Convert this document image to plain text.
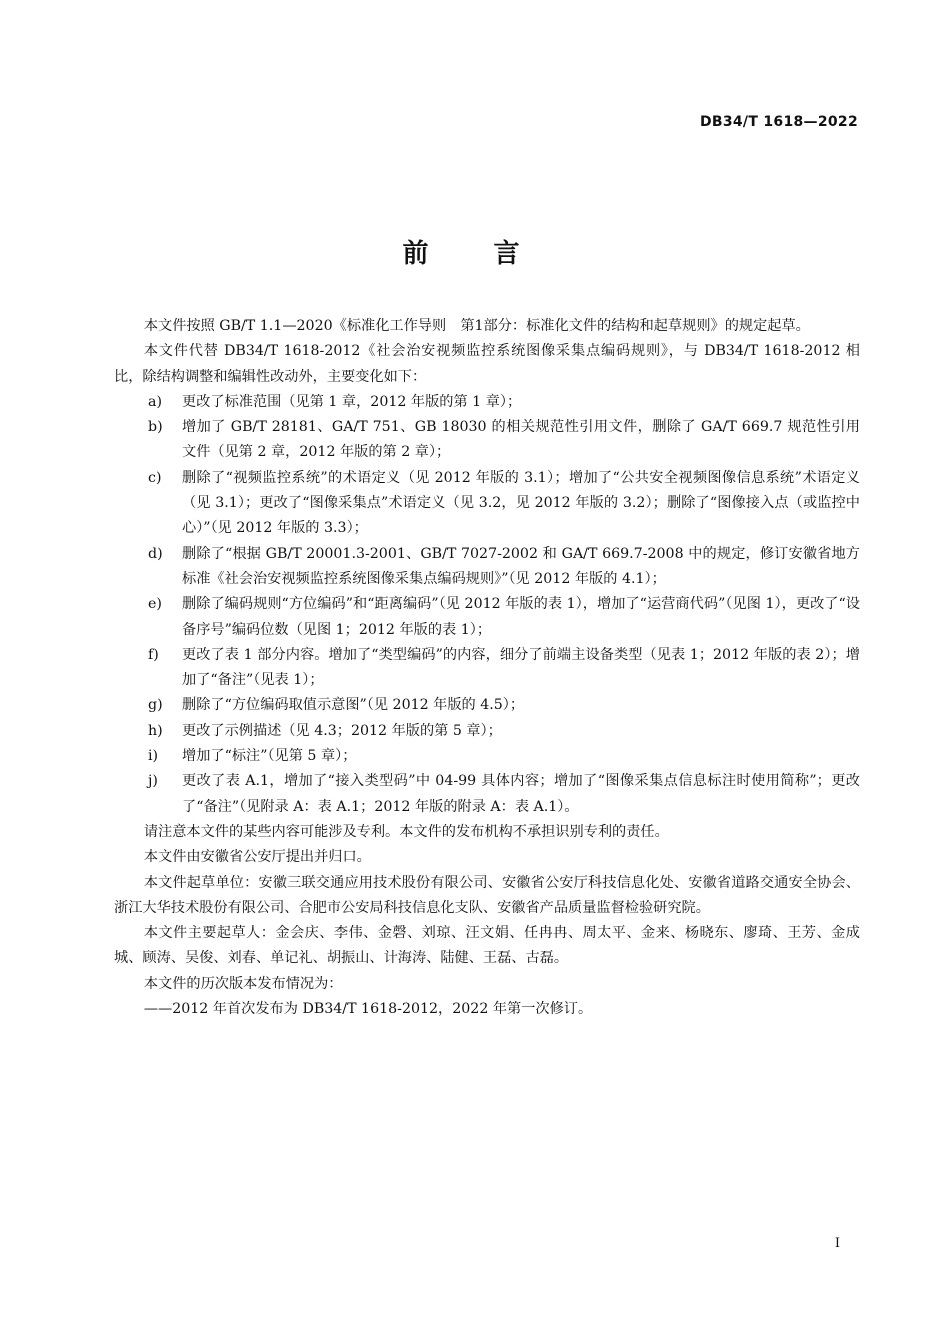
DB34/T 1618—2022
前 言

本文件按照 GB/T 1.1—2020《标准化工作导则　第1部分：标准化文件的结构和起草规则》的规定起草。

本文件代替 DB34/T 1618-2012《社会治安视频监控系统图像采集点编码规则》，与 DB34/T 1618-2012 相比，除结构调整和编辑性改动外，主要变化如下：

a) 更改了标准范围（见第 1 章，2012 年版的第 1 章）；
b) 增加了 GB/T 28181、GA/T 751、GB 18030 的相关规范性引用文件，删除了 GA/T 669.7 规范性引用文件（见第 2 章，2012 年版的第 2 章）；
c) 删除了“视频监控系统”的术语定义（见 2012 年版的 3.1）；增加了“公共安全视频图像信息系统”术语定义（见 3.1）；更改了“图像采集点”术语定义（见 3.2，见 2012 年版的 3.2）；删除了“图像接入点（或监控中心）”（见 2012 年版的 3.3）；
d) 删除了“根据 GB/T 20001.3-2001、GB/T 7027-2002 和 GA/T 669.7-2008 中的规定，修订安徽省地方标准《社会治安视频监控系统图像采集点编码规则》”（见 2012 年版的 4.1）；
e) 删除了编码规则“方位编码”和“距离编码”（见 2012 年版的表 1），增加了“运营商代码”（见图 1），更改了“设备序号”编码位数（见图 1；2012 年版的表 1）；
f) 更改了表 1 部分内容。增加了“类型编码”的内容，细分了前端主设备类型（见表 1；2012 年版的表 2）；增加了“备注”（见表 1）；
g) 删除了“方位编码取值示意图”（见 2012 年版的 4.5）；
h) 更改了示例描述（见 4.3；2012 年版的第 5 章）；
i) 增加了“标注”（见第 5 章）；
j) 更改了表 A.1，增加了“接入类型码”中 04-99 具体内容；增加了“图像采集点信息标注时使用简称”；更改了“备注”（见附录 A：表 A.1；2012 年版的附录 A：表 A.1）。

请注意本文件的某些内容可能涉及专利。本文件的发布机构不承担识别专利的责任。

本文件由安徽省公安厅提出并归口。

本文件起草单位：安徽三联交通应用技术股份有限公司、安徽省公安厅科技信息化处、安徽省道路交通安全协会、浙江大华技术股份有限公司、合肥市公安局科技信息化支队、安徽省产品质量监督检验研究院。

本文件主要起草人：金会庆、李伟、金磬、刘琼、汪文娟、任冉冉、周太平、金来、杨晓东、廖琦、王芳、金成城、顾涛、吴俊、刘春、单记礼、胡振山、计海涛、陆健、王磊、古磊。

本文件的历次版本发布情况为：

——2012 年首次发布为 DB34/T 1618-2012，2022 年第一次修订。

I
